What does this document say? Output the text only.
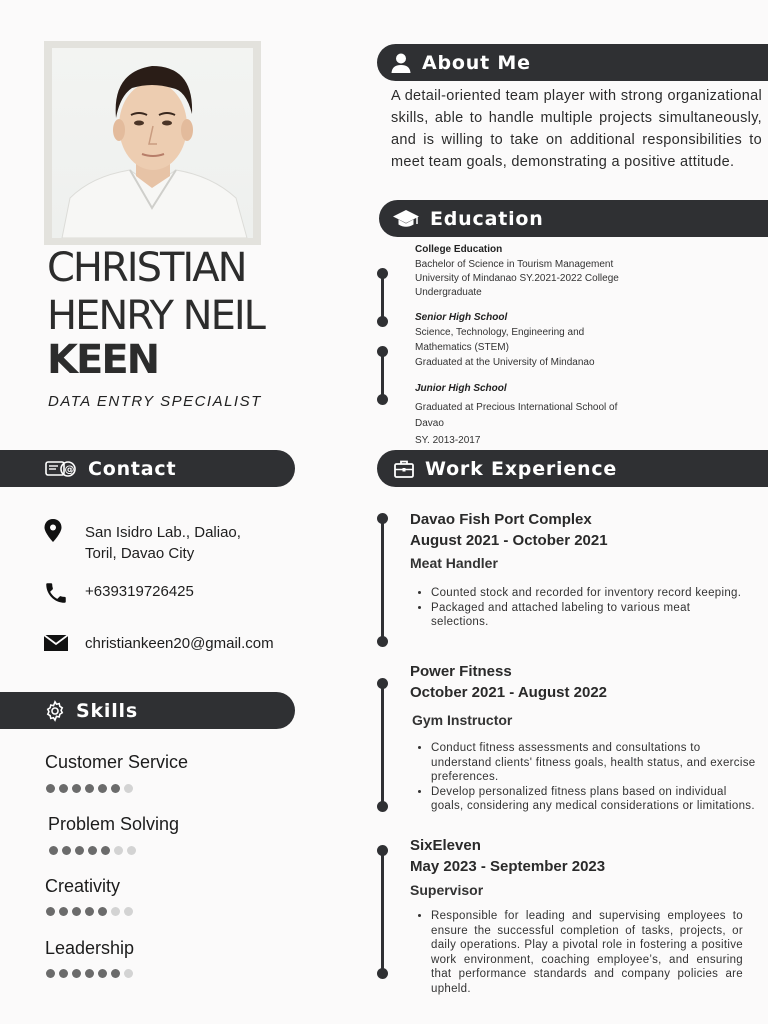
CHRISTIAN
HENRY NEIL
KEEN
DATA ENTRY SPECIALIST
@ Contact
San Isidro Lab., Daliao,
Toril, Davao City
+639319726425
christiankeen20@gmail.com
Skills
Customer Service
Problem Solving
Creativity
Leadership
About Me
A detail-oriented team player with strong organizational skills, able to handle multiple projects simultaneously, and is willing to take on additional responsibilities to meet team goals, demonstrating a positive attitude.
Education
College Education
Bachelor of Science in Tourism Management
University of Mindanao SY.2021-2022 College
Undergraduate
Senior High School
Science, Technology, Engineering and
Mathematics (STEM)
Graduated at the University of Mindanao
Junior High School
Graduated at Precious International School of
Davao
SY. 2013-2017
Work Experience
Davao Fish Port Complex
August 2021 - October 2021
Meat Handler
• Counted stock and recorded for inventory record keeping.
• Packaged and attached labeling to various meat selections.
Power Fitness
October 2021 - August 2022
Gym Instructor
• Conduct fitness assessments and consultations to understand clients' fitness goals, health status, and exercise preferences.
• Develop personalized fitness plans based on individual goals, considering any medical considerations or limitations.
SixEleven
May 2023 - September 2023
Supervisor
• Responsible for leading and supervising employees to ensure the successful completion of tasks, projects, or daily operations. Play a pivotal role in fostering a positive work environment, coaching employee’s, and ensuring that performance standards and company policies are upheld.
